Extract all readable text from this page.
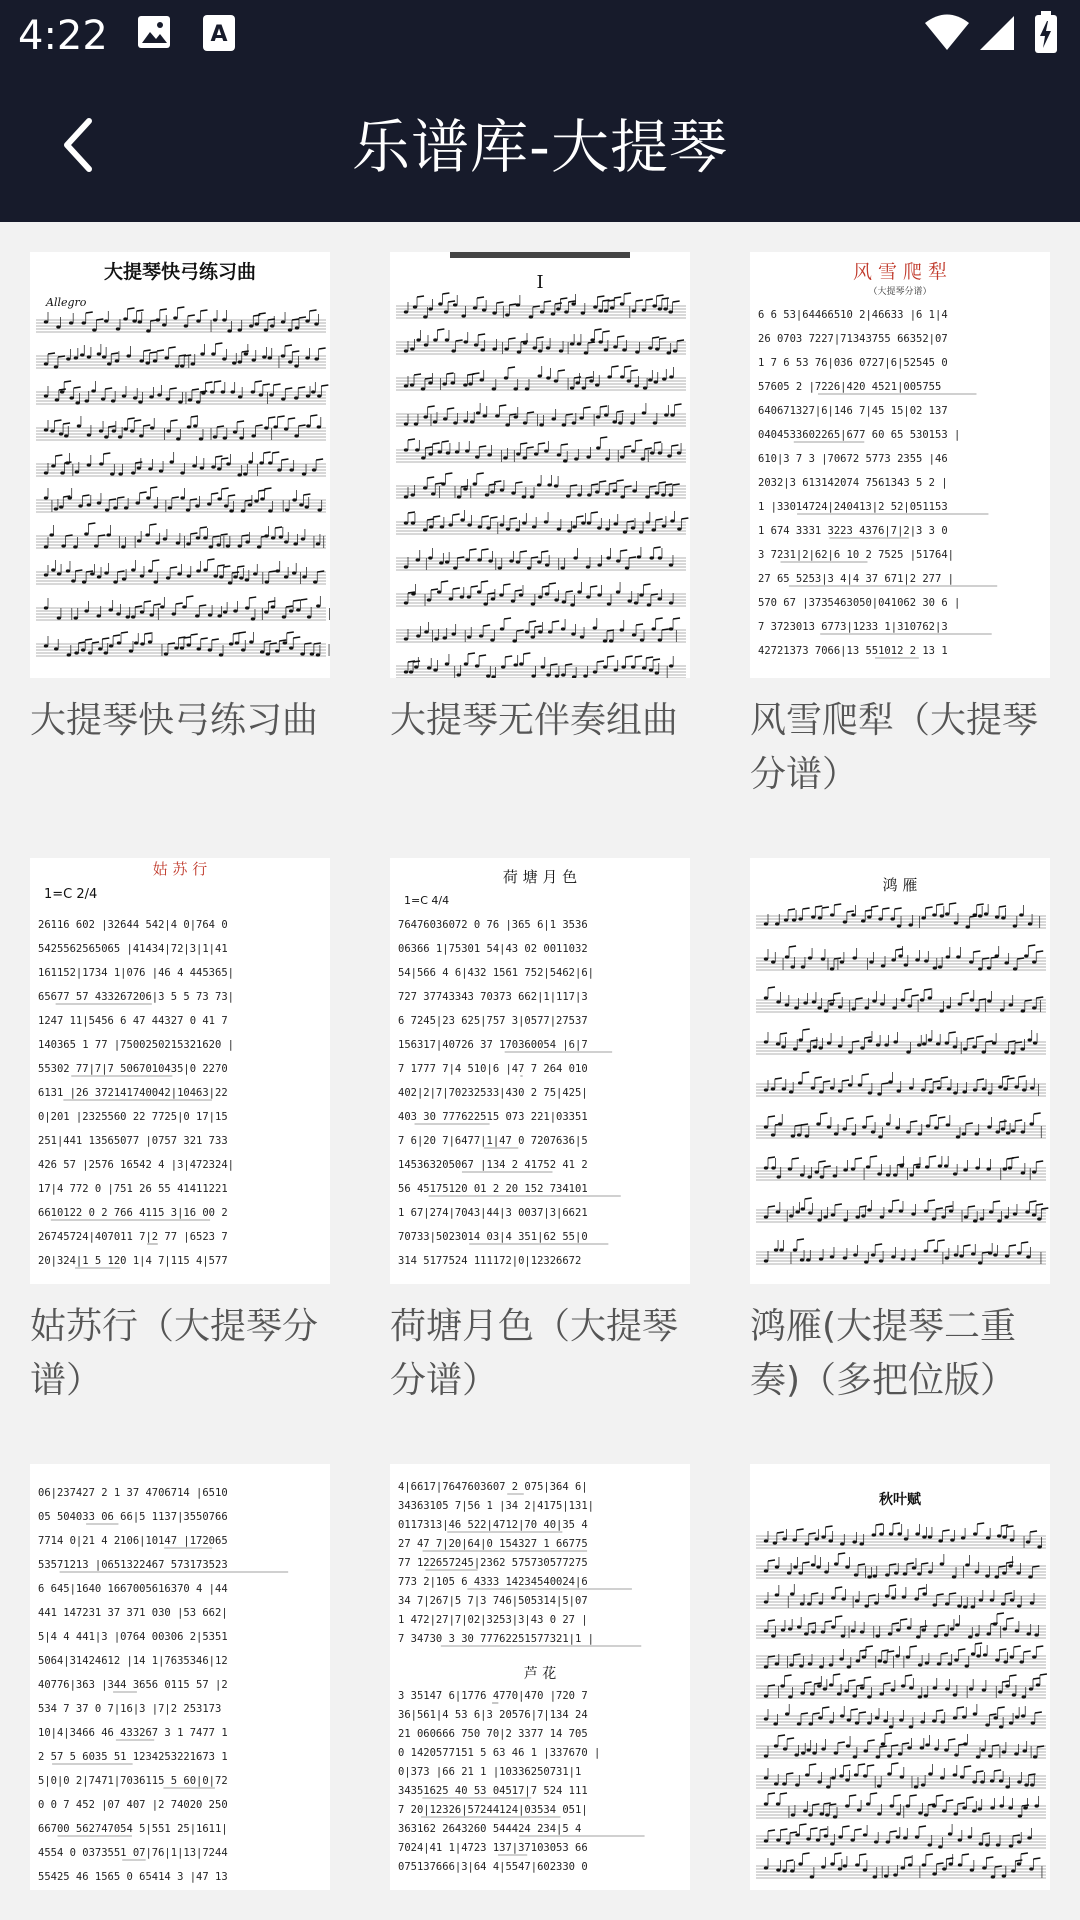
4:22	A
乐谱库-大提琴
大提琴快弓练习曲
Allegro
大提琴快弓练习曲
I
大提琴无伴奏组曲
风 雪 爬 犁
（大提琴分谱）
6 6 53|64466510 2|46633 |6 1|4
26 0703 7227|71343755 66352|07
1 7 6 53 76|036 0727|6|52545 0
57605 2 |7226|420 4521|005755
640671327|6|146 7|45 15|02 137
0404533602265|677 60 65 530153 |
610|3 7 3 |70672 5773 2355 |46
2032|3 613142074 7561343 5 2 |
1 |33014724|240413|2 52|051153
1 674 3331 3223 4376|7|2|3 3 0
3 7231|2|62|6 10 2 7525 |51764|
27 65 5253|3 4|4 37 671|2 277 |
570 67 |3735463050|041062 30 6 |
7 3723013 6773|1233 1|310762|3
42721373 7066|13 551012 2 13 1
风雪爬犁（大提琴分谱）
姑 苏 行
1=C 2/4
26116 602 |32644 542|4 0|764 0
5425562565065 |41434|72|3|1|41
161152|1734 1|076 |46 4 445365|
65677 57 433267206|3 5 5 73 73|
1247 11|5456 6 47 44327 0 41 7
140365 1 77 |7500250215321620 |
55302 77|7|7 5067010435|0 2270
6131 |26 372141740042|10463|22
0|201 |2325560 22 7725|0 17|15
251|441 13565077 |0757 321 733
426 57 |2576 16542 4 |3|472324|
17|4 772 0 |751 26 55 41411221
6610122 0 2 766 4115 3|16 00 2
26745724|407011 7|2 77 |6523 7
20|324|1 5 120 1|4 7|115 4|577
姑苏行（大提琴分谱）
荷 塘 月 色
1=C 4/4
76476036072 0 76 |365 6|1 3536
06366 1|75301 54|43 02 0011032
54|566 4 6|432 1561 752|5462|6|
727 37743343 70373 662|1|117|3
6 7245|23 625|757 3|0577|27537
156317|40726 37 170360054 |6|7
7 1777 7|4 510|6 |47 7 264 010
402|2|7|70232533|430 2 75|425|
403 30 777622515 073 221|03351
7 6|20 7|6477|1|47 0 7207636|5
145363205067 |134 2 41752 41 2
56 45175120 01 2 20 152 734101
1 67|274|7043|44|3 0037|3|6621
70733|5023014 03|4 351|62 55|0
314 5177524 111172|0|12326672
荷塘月色（大提琴分谱）
鸿 雁
鸿雁(大提琴二重奏)（多把位版）
06|237427 2 1 37 4706714 |6510
05 504033 06 66|5 1137|3550766
7714 0|21 4 2106|10147 |172065
53571213 |0651322467 573173523
6 645|1640 1667005616370 4 |44
441 147231 37 371 030 |53 662|
5|4 4 441|3 |0764 00306 2|5351
5064|31424612 |14 1|7635346|12
40776|363 |344 3656 0115 57 |2
534 7 37 0 7|16|3 |7|2 253173
10|4|3466 46 433267 3 1 7477 1
2 57 5 6035 51 1234253221673 1
5|0|0 2|7471|7036115 5 60|0|72
0 0 7 452 |07 407 |2 74020 250
66700 562747054 5|551 25|1611|
4554 0 0373551 07|76|1|13|7244
55425 46 1565 0 65414 3 |47 13
4|6617|7647603607 2 075|364 6|
34363105 7|56 1 |34 2|4175|131|
0117313|46 522|4712|70 40|35 4
27 47 7|20|64|0 154327 1 66775
77 122657245|2362 575730577275
773 2|105 6 4333 14234540024|6
34 7|267|5 7|3 746|505314|5|07
1 472|27|7|02|3253|3|43 0 27 |
7 34730 3 30 77762251577321|1 |
3 35147 6|1776 4770|470 |720 7
36|561|4 53 6|3 20576|7|134 24
21 060666 750 70|2 3377 14 705
0 1420577151 5 63 46 1 |337670 |
0|373 |66 21 1 |10336250731|1
34351625 40 53 04517|7 524 111
7 20|12326|57244124|03534 051|
363162 2643260 544424 234|5 4
7024|41 1|4723 137|37103053 66
075137666|3|64 4|5547|602330 0
芦 花
秋叶赋
